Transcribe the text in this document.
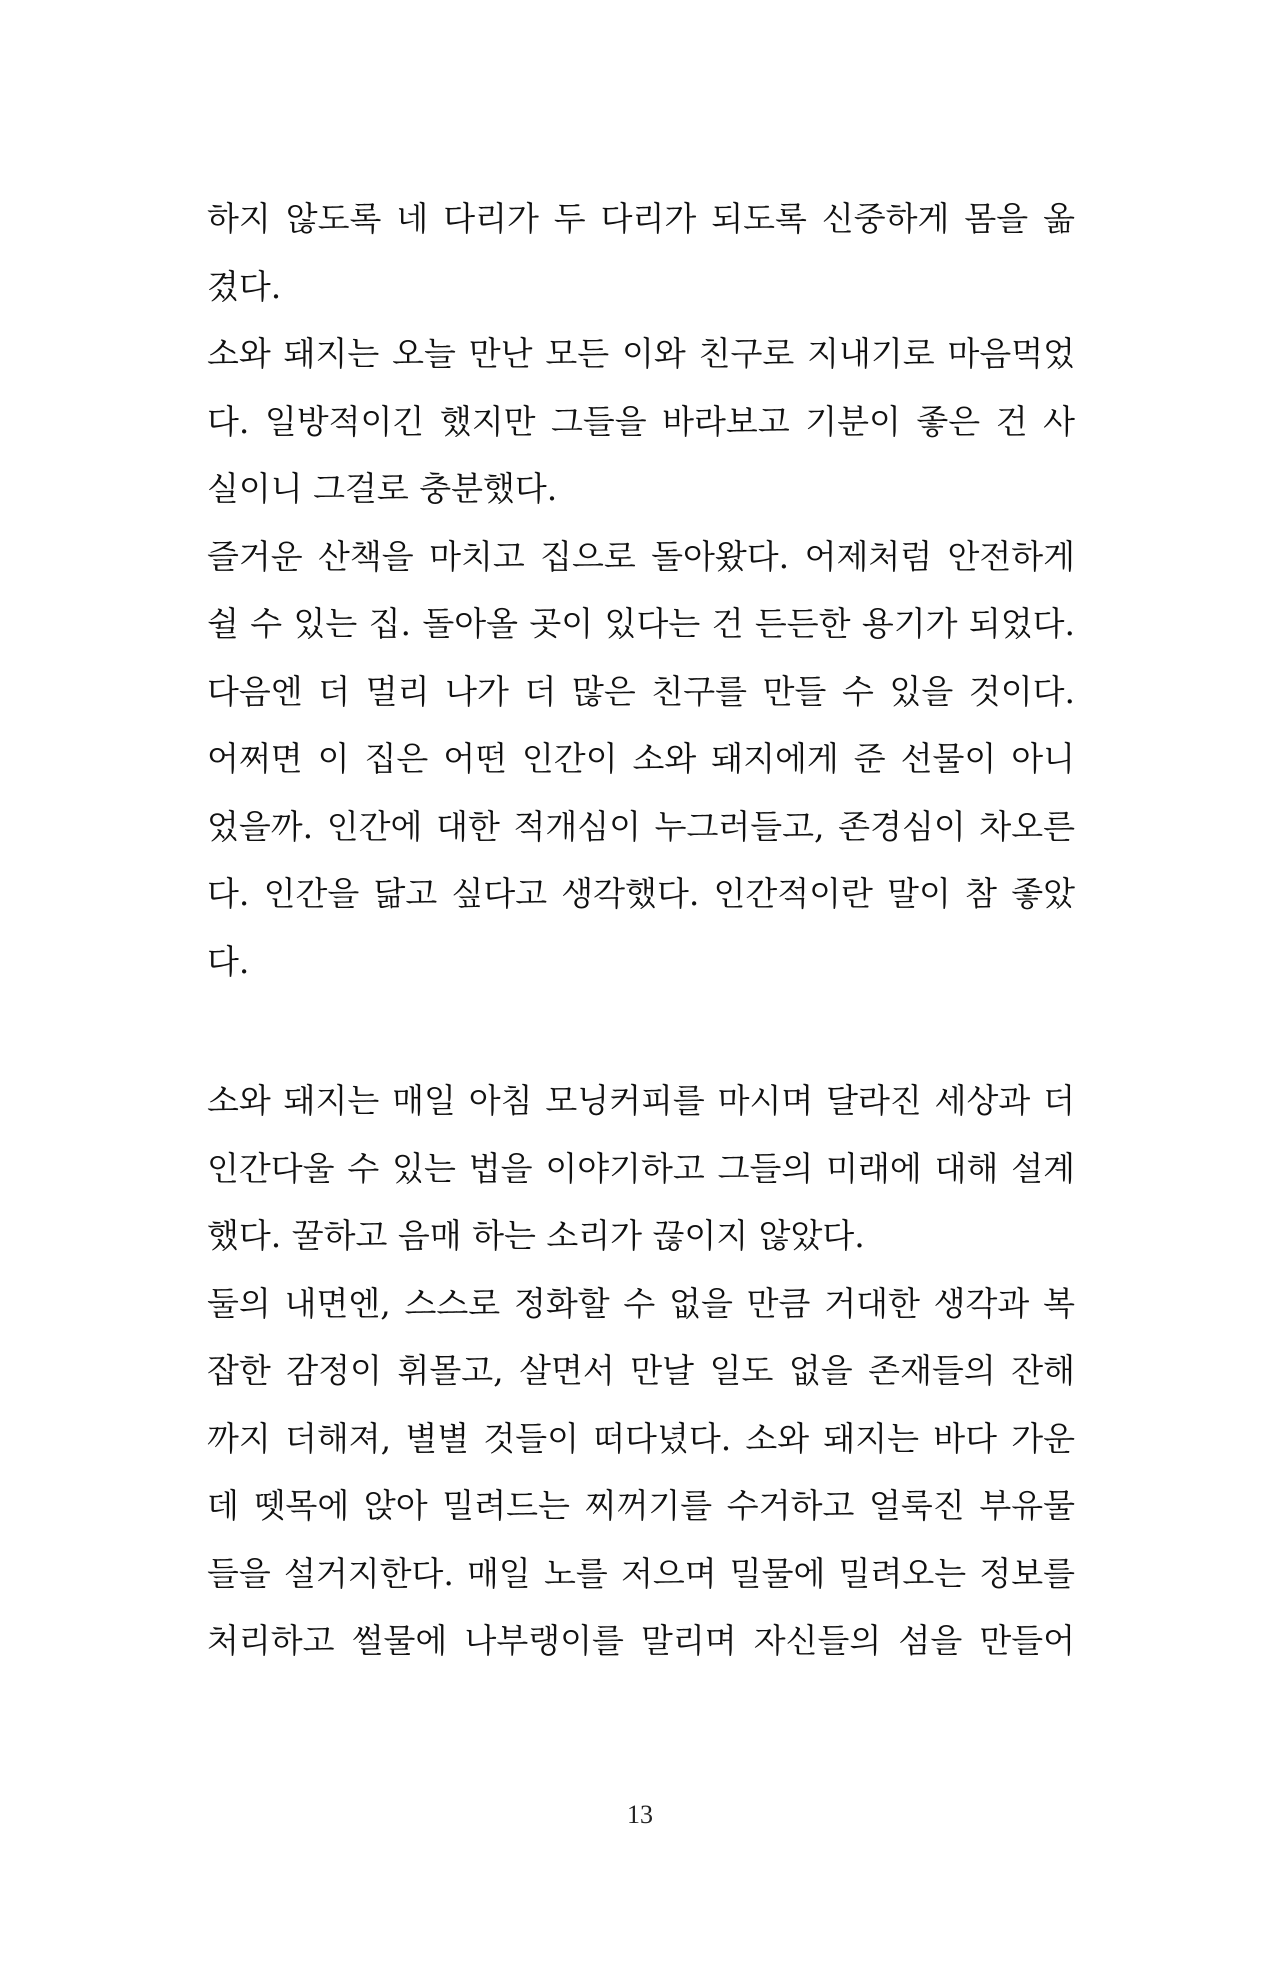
하지 않도록 네 다리가 두 다리가 되도록 신중하게 몸을 옮
겼다.
소와 돼지는 오늘 만난 모든 이와 친구로 지내기로 마음먹었
다. 일방적이긴 했지만 그들을 바라보고 기분이 좋은 건 사
실이니 그걸로 충분했다.
즐거운 산책을 마치고 집으로 돌아왔다. 어제처럼 안전하게
쉴 수 있는 집. 돌아올 곳이 있다는 건 든든한 용기가 되었다.
다음엔 더 멀리 나가 더 많은 친구를 만들 수 있을 것이다.
어쩌면 이 집은 어떤 인간이 소와 돼지에게 준 선물이 아니
었을까. 인간에 대한 적개심이 누그러들고, 존경심이 차오른
다. 인간을 닮고 싶다고 생각했다. 인간적이란 말이 참 좋았
다.
소와 돼지는 매일 아침 모닝커피를 마시며 달라진 세상과 더
인간다울 수 있는 법을 이야기하고 그들의 미래에 대해 설계
했다. 꿀하고 음매 하는 소리가 끊이지 않았다.
둘의 내면엔, 스스로 정화할 수 없을 만큼 거대한 생각과 복
잡한 감정이 휘몰고, 살면서 만날 일도 없을 존재들의 잔해
까지 더해져, 별별 것들이 떠다녔다. 소와 돼지는 바다 가운
데 뗏목에 앉아 밀려드는 찌꺼기를 수거하고 얼룩진 부유물
들을 설거지한다. 매일 노를 저으며 밀물에 밀려오는 정보를
처리하고 썰물에 나부랭이를 말리며 자신들의 섬을 만들어
13
